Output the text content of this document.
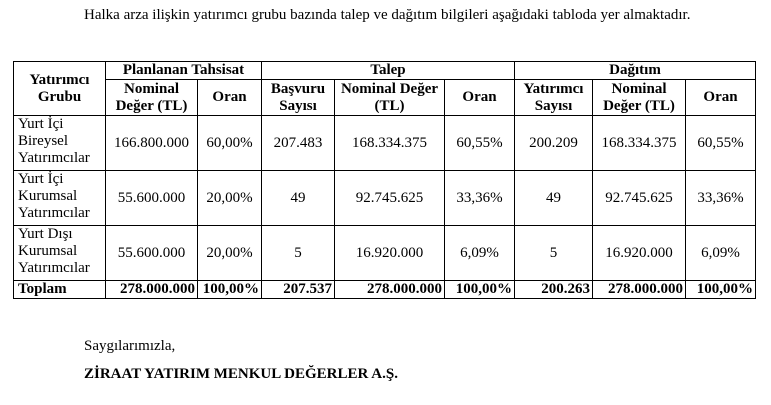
Halka arza ilişkin yatırımcı grubu bazında talep ve dağıtım bilgileri aşağıdaki tabloda yer almaktadır.
Yatırımcı Grubu	Planlanan Tahsisat		Talep			Dağıtım		
	Nominal Değer (TL)	Oran	Başvuru Sayısı	Nominal Değer (TL)	Oran	Yatırımcı Sayısı	Nominal Değer (TL)	Oran
Yurt İçi Bireysel Yatırımcılar	166.800.000	60,00%	207.483	168.334.375	60,55%	200.209	168.334.375	60,55%
Yurt İçi Kurumsal Yatırımcılar	55.600.000	20,00%	49	92.745.625	33,36%	49	92.745.625	33,36%
Yurt Dışı Kurumsal Yatırımcılar	55.600.000	20,00%	5	16.920.000	6,09%	5	16.920.000	6,09%
Toplam	278.000.000	100,00%	207.537	278.000.000	100,00%	200.263	278.000.000	100,00%
Saygılarımızla,
ZİRAAT YATIRIM MENKUL DEĞERLER A.Ş.
